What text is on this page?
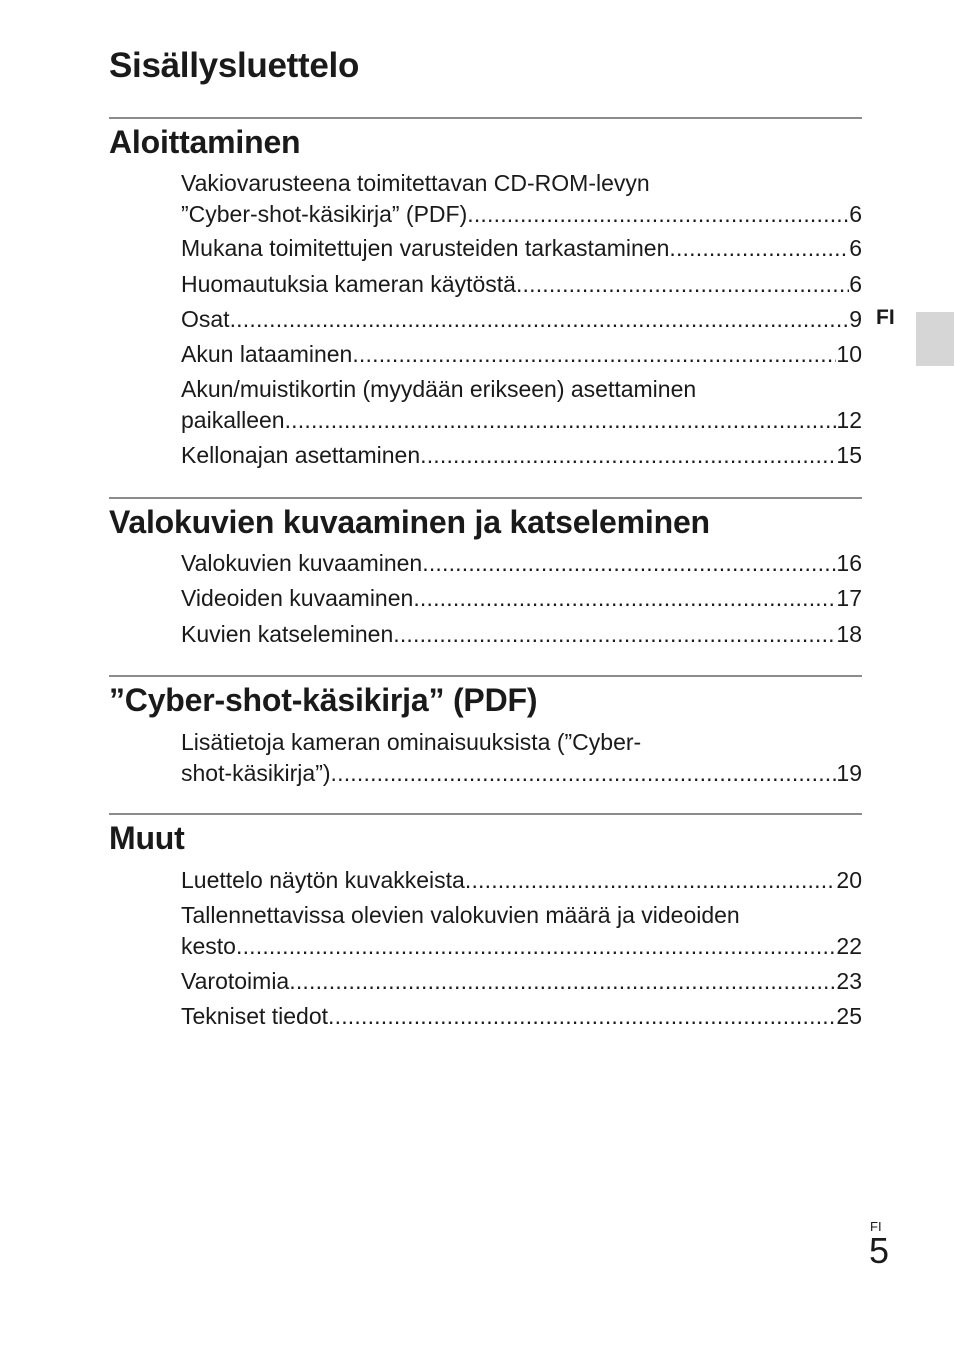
Sisällysluettelo
Aloittaminen
Vakiovarusteena toimitettavan CD-ROM-levyn
”Cyber-shot-käsikirja” (PDF) .....	6
Mukana toimitettujen varusteiden tarkastaminen .....	6
Huomautuksia kameran käytöstä .....	6
Osat .....	9
Akun lataaminen .....	10
Akun/muistikortin (myydään erikseen) asettaminen
paikalleen .....	12
Kellonajan asettaminen .....	15
Valokuvien kuvaaminen ja katseleminen
Valokuvien kuvaaminen .....	16
Videoiden kuvaaminen .....	17
Kuvien katseleminen .....	18
”Cyber-shot-käsikirja” (PDF)
Lisätietoja kameran ominaisuuksista (”Cyber-
shot-käsikirja”) .....	19
Muut
Luettelo näytön kuvakkeista .....	20
Tallennettavissa olevien valokuvien määrä ja videoiden
kesto .....	22
Varotoimia .....	23
Tekniset tiedot .....	25
FI
FI
5
